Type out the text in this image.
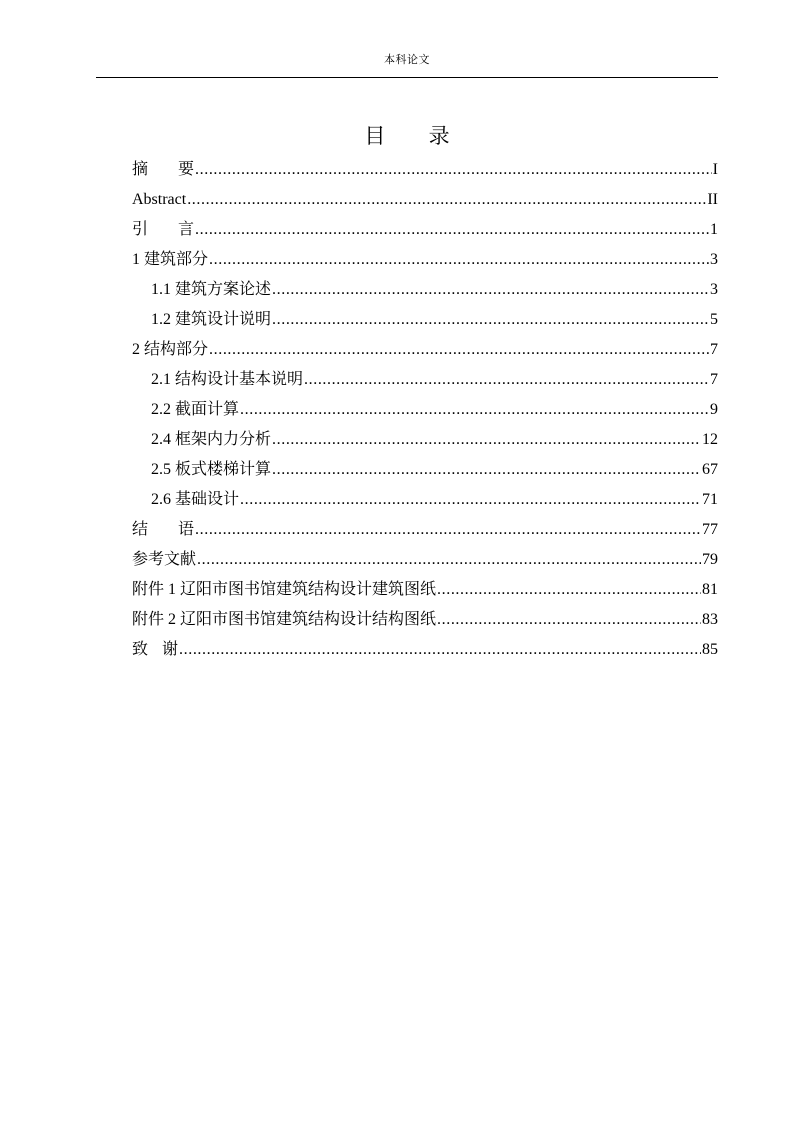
本科论文
目 录
摘 要 .....	I
Abstract .....	II
引 言 .....	1
1 建筑部分 .....	3
1.1 建筑方案论述 .....	3
1.2 建筑设计说明 .....	5
2 结构部分 .....	7
2.1 结构设计基本说明 .....	7
2.2 截面计算 .....	9
2.4 框架内力分析 .....	12
2.5 板式楼梯计算 .....	67
2.6 基础设计 .....	71
结 语 .....	77
参考文献 .....	79
附件 1 辽阳市图书馆建筑结构设计建筑图纸 .....	81
附件 2 辽阳市图书馆建筑结构设计结构图纸 .....	83
致 谢 .....	85
